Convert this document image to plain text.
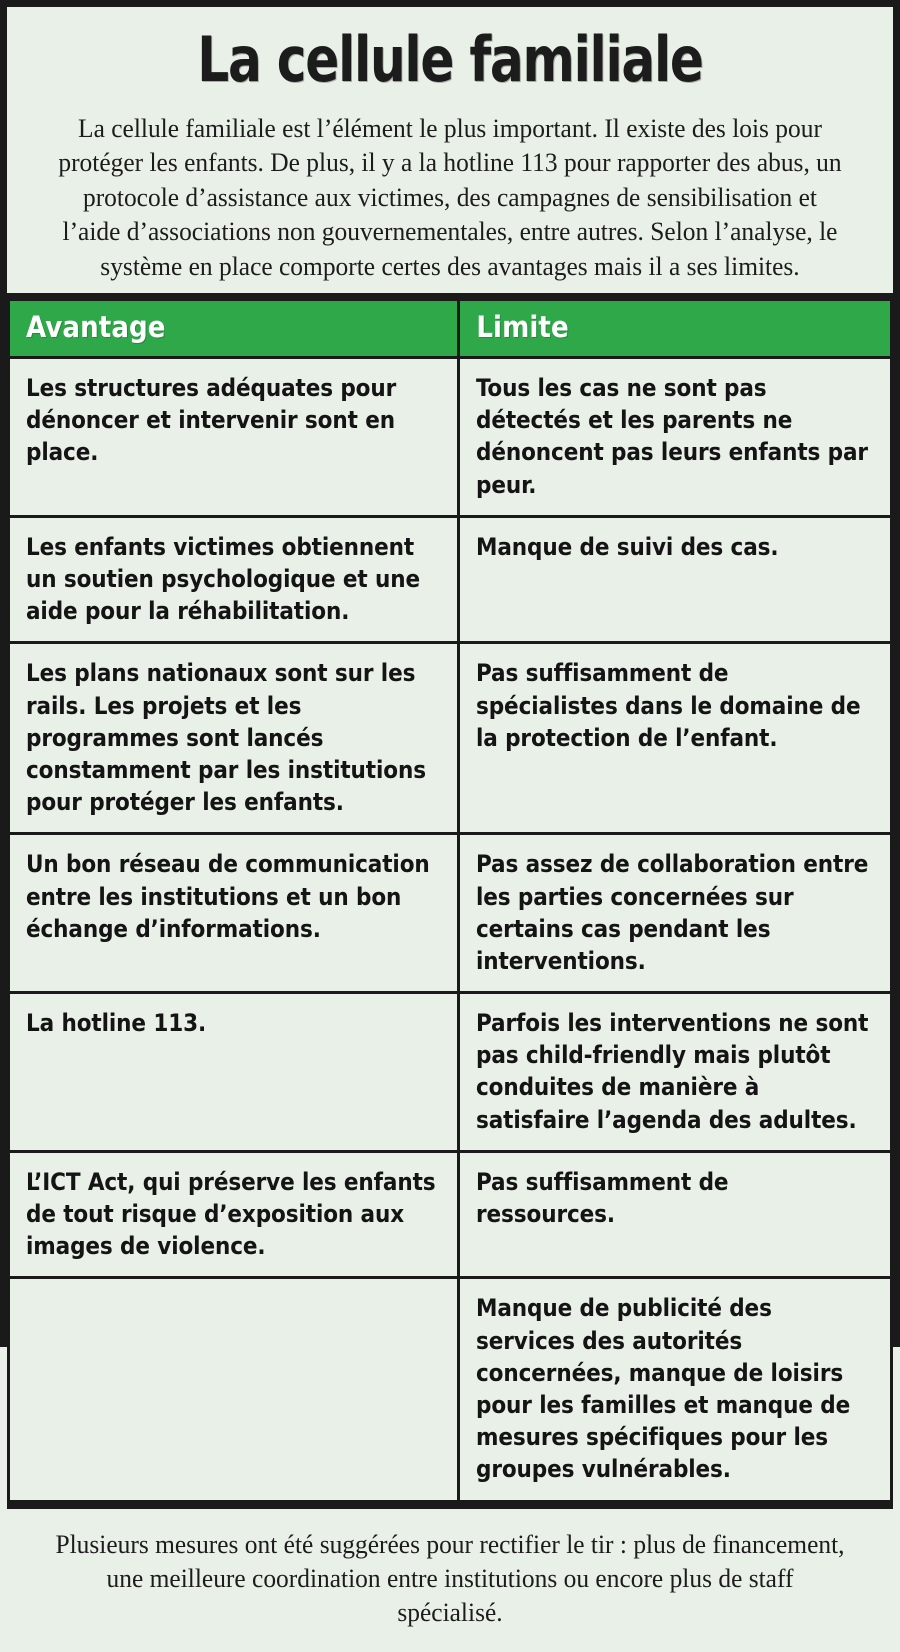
La cellule familiale

La cellule familiale est l’élément le plus important. Il existe des lois pour protéger les enfants. De plus, il y a la hotline 113 pour rapporter des abus, un protocole d’assistance aux victimes, des campagnes de sensibilisation et l’aide d’associations non gouvernementales, entre autres. Selon l’analyse, le système en place comporte certes des avantages mais il a ses limites.

Avantage	Limite

Les structures adéquates pour dénoncer et intervenir sont en place.	Tous les cas ne sont pas détectés et les parents ne dénoncent pas leurs enfants par peur.

Les enfants victimes obtiennent un soutien psychologique et une aide pour la réhabilitation.	Manque de suivi des cas.

Les plans nationaux sont sur les rails. Les projets et les programmes sont lancés constamment par les institutions pour protéger les enfants.	Pas suffisamment de spécialistes dans le domaine de la protection de l’enfant.

Un bon réseau de communication entre les institutions et un bon échange d’informations.	Pas assez de collaboration entre les parties concernées sur certains cas pendant les interventions.

La hotline 113.	Parfois les interventions ne sont pas child-friendly mais plutôt conduites de manière à satisfaire l’agenda des adultes.

L’ICT Act, qui préserve les enfants de tout risque d’exposition aux images de violence.	Pas suffisamment de ressources.

	Manque de publicité des services des autorités concernées, manque de loisirs pour les familles et manque de mesures spécifiques pour les groupes vulnérables.

Plusieurs mesures ont été suggérées pour rectifier le tir : plus de financement, une meilleure coordination entre institutions ou encore plus de staff spécialisé.
